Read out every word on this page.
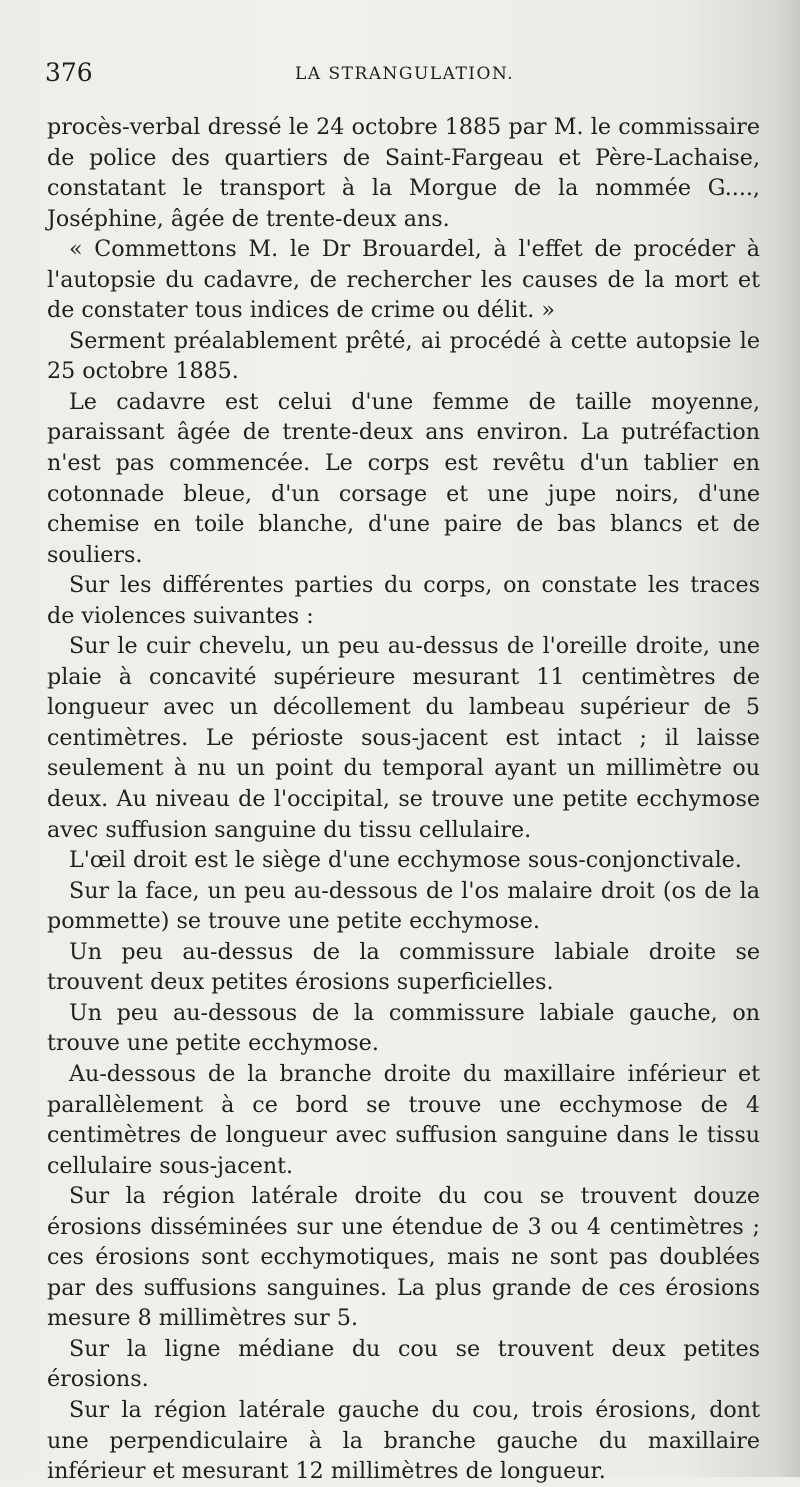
376	LA STRANGULATION.

procès-verbal dressé le 24 octobre 1885 par M. le commissaire de police des quartiers de Saint-Fargeau et Père-Lachaise, constatant le transport à la Morgue de la nommée G...., Joséphine, âgée de trente-deux ans.

« Commettons M. le Dr Brouardel, à l'effet de procéder à l'autopsie du cadavre, de rechercher les causes de la mort et de constater tous indices de crime ou délit. »

Serment préalablement prêté, ai procédé à cette autopsie le 25 octobre 1885.

Le cadavre est celui d'une femme de taille moyenne, paraissant âgée de trente-deux ans environ. La putréfaction n'est pas commencée. Le corps est revêtu d'un tablier en cotonnade bleue, d'un corsage et une jupe noirs, d'une chemise en toile blanche, d'une paire de bas blancs et de souliers.

Sur les différentes parties du corps, on constate les traces de violences suivantes :

Sur le cuir chevelu, un peu au-dessus de l'oreille droite, une plaie à concavité supérieure mesurant 11 centimètres de longueur avec un décollement du lambeau supérieur de 5 centimètres. Le périoste sous-jacent est intact ; il laisse seulement à nu un point du temporal ayant un millimètre ou deux. Au niveau de l'occipital, se trouve une petite ecchymose avec suffusion sanguine du tissu cellulaire.

L'œil droit est le siège d'une ecchymose sous-conjonctivale.

Sur la face, un peu au-dessous de l'os malaire droit (os de la pommette) se trouve une petite ecchymose.

Un peu au-dessus de la commissure labiale droite se trouvent deux petites érosions superficielles.

Un peu au-dessous de la commissure labiale gauche, on trouve une petite ecchymose.

Au-dessous de la branche droite du maxillaire inférieur et parallèlement à ce bord se trouve une ecchymose de 4 centimètres de longueur avec suffusion sanguine dans le tissu cellulaire sous-jacent.

Sur la région latérale droite du cou se trouvent douze érosions disséminées sur une étendue de 3 ou 4 centimètres ; ces érosions sont ecchymotiques, mais ne sont pas doublées par des suffusions sanguines. La plus grande de ces érosions mesure 8 millimètres sur 5.

Sur la ligne médiane du cou se trouvent deux petites érosions.

Sur la région latérale gauche du cou, trois érosions, dont une perpendiculaire à la branche gauche du maxillaire inférieur et mesurant 12 millimètres de longueur.
